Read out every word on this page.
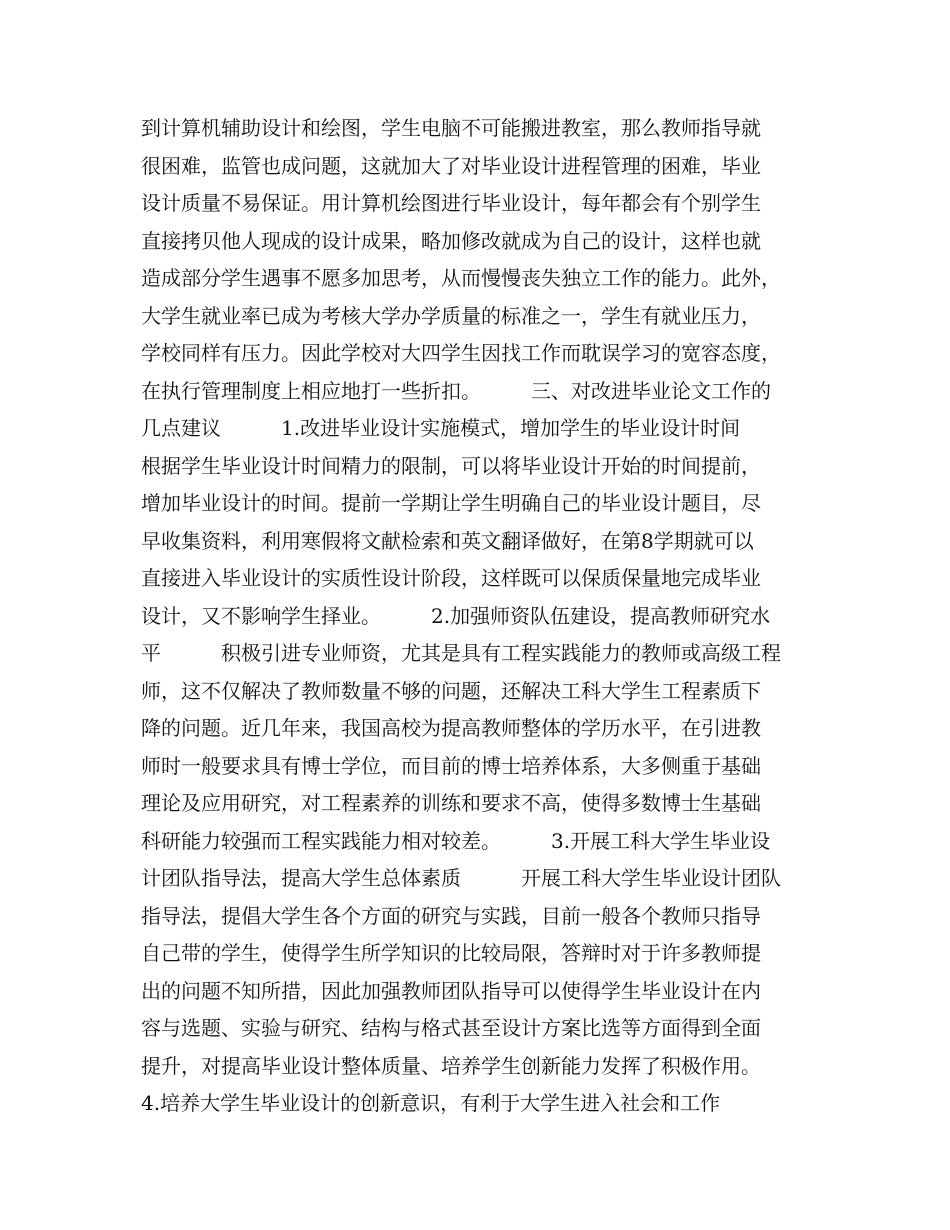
到计算机辅助设计和绘图，学生电脑不可能搬进教室，那么教师指导就
很困难，监管也成问题，这就加大了对毕业设计进程管理的困难，毕业
设计质量不易保证。用计算机绘图进行毕业设计，每年都会有个别学生
直接拷贝他人现成的设计成果，略加修改就成为自己的设计，这样也就
造成部分学生遇事不愿多加思考，从而慢慢丧失独立工作的能力。此外，
大学生就业率已成为考核大学办学质量的标准之一，学生有就业压力，
学校同样有压力。因此学校对大四学生因找工作而耽误学习的宽容态度，
在执行管理制度上相应地打一些折扣。　　　三、对改进毕业论文工作的
几点建议　　　1.改进毕业设计实施模式，增加学生的毕业设计时间
根据学生毕业设计时间精力的限制，可以将毕业设计开始的时间提前，
增加毕业设计的时间。提前一学期让学生明确自己的毕业设计题目，尽
早收集资料，利用寒假将文献检索和英文翻译做好，在第8学期就可以
直接进入毕业设计的实质性设计阶段，这样既可以保质保量地完成毕业
设计，又不影响学生择业。　　　2.加强师资队伍建设，提高教师研究水
平　　　积极引进专业师资，尤其是具有工程实践能力的教师或高级工程
师，这不仅解决了教师数量不够的问题，还解决工科大学生工程素质下
降的问题。近几年来，我国高校为提高教师整体的学历水平，在引进教
师时一般要求具有博士学位，而目前的博士培养体系，大多侧重于基础
理论及应用研究，对工程素养的训练和要求不高，使得多数博士生基础
科研能力较强而工程实践能力相对较差。　　　3.开展工科大学生毕业设
计团队指导法，提高大学生总体素质　　　开展工科大学生毕业设计团队
指导法，提倡大学生各个方面的研究与实践，目前一般各个教师只指导
自己带的学生，使得学生所学知识的比较局限，答辩时对于许多教师提
出的问题不知所措，因此加强教师团队指导可以使得学生毕业设计在内
容与选题、实验与研究、结构与格式甚至设计方案比选等方面得到全面
提升，对提高毕业设计整体质量、培养学生创新能力发挥了积极作用。
4.培养大学生毕业设计的创新意识，有利于大学生进入社会和工作
